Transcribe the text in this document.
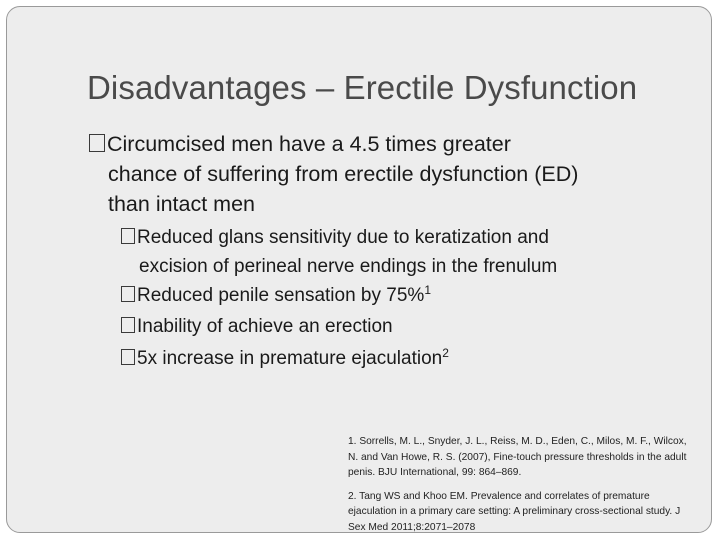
Disadvantages – Erectile Dysfunction
Circumcised men have a 4.5 times greater
chance of suffering from erectile dysfunction (ED)
than intact men
Reduced glans sensitivity due to keratization and
excision of perineal nerve endings in the frenulum
Reduced penile sensation by 75%$^1$
Inability of achieve an erection
5x increase in premature ejaculation$^2$

1. Sorrells, M. L., Snyder, J. L., Reiss, M. D., Eden, C., Milos, M. F., Wilcox, N. and Van Howe, R. S. (2007), Fine-touch pressure thresholds in the adult penis. BJU International, 99: 864–869.

2. Tang WS and Khoo EM. Prevalence and correlates of premature ejaculation in a primary care setting: A preliminary cross-sectional study. J Sex Med 2011;8:2071–2078
